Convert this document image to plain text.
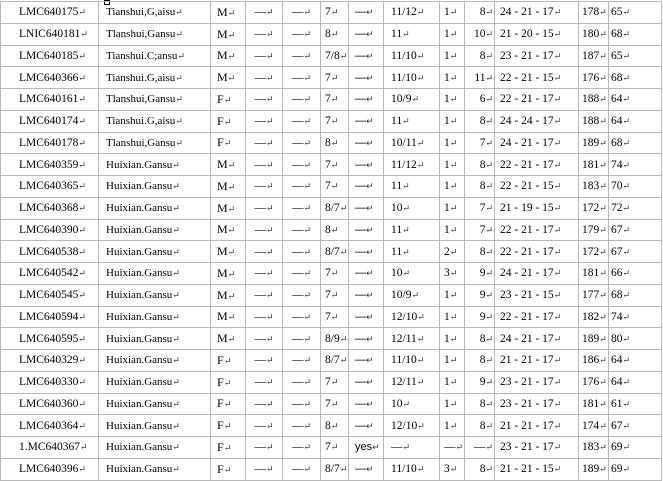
LMC640175↵	Tianshui,G,aisu↵	M↵	—↵	—↵	7↵	—↵	11/12↵	1↵	8↵	24 - 21 - 17↵	178↵	65↵
LNIC640181↵	Tlanshui,Gansu↵	M↵	—↵	—↵	8↵	—↵	11↵	1↵	10↵	21 - 20 - 15↵	180↵	68↵
LMC640185↵	Tianshui.C;ansu↵	M↵	—↵	—↵	7/8↵	—↵	11/10↵	1↵	8↵	23 - 21 - 17↵	187↵	65↵
LMC640366↵	Tianshui.G,aisu↵	M↵	—↵	—↵	7↵	—↵	11/10↵	1↵	11↵	22 - 21 - 15↵	176↵	68↵
LMC640161↵	Tlanshui,Gansu↵	F↵	—↵	—↵	7↵	—↵	10/9↵	1↵	6↵	22 - 21 - 17↵	188↵	64↵
LMC640174↵	Tianshui.G,aisu↵	F↵	—↵	—↵	7↵	—↵	11↵	1↵	8↵	24 - 24 - 17↵	188↵	64↵
LMC640178↵	Tlanshui,Gansu↵	F↵	—↵	—↵	8↵	—↵	10/11↵	1↵	7↵	24 - 21 - 17↵	189↵	68↵
LMC640359↵	Huixian.Gansu↵	M↵	—↵	—↵	7↵	—↵	11/12↵	1↵	8↵	22 - 21 - 17↵	181↵	74↵
LMC640365↵	Huixian.Gansu↵	M↵	—↵	—↵	7↵	—↵	11↵	1↵	8↵	22 - 21 - 15↵	183↵	70↵
LMC640368↵	Huixian.Gansu↵	M↵	—↵	—↵	8/7↵	—↵	10↵	1↵	7↵	21 - 19 - 15↵	172↵	72↵
LMC640390↵	Huixian.Gansu↵	M↵	—↵	—↵	8↵	—↵	11↵	1↵	7↵	22 - 21 - 17↵	179↵	67↵
LMC640538↵	Huixian.Gansu↵	M↵	—↵	—↵	8/7↵	—↵	11↵	2↵	8↵	22 - 21 - 17↵	172↵	67↵
LMC640542↵	Huixian.Gansu↵	M↵	—↵	—↵	7↵	—↵	10↵	3↵	9↵	24 - 21 - 17↵	181↵	66↵
LMC640545↵	Huixian.Gansu↵	M↵	—↵	—↵	7↵	—↵	10/9↵	1↵	9↵	23 - 21 - 15↵	177↵	68↵
LMC640594↵	Huixian.Gansu↵	M↵	—↵	—↵	7↵	—↵	12/10↵	1↵	9↵	22 - 21 - 17↵	182↵	74↵
LMC640595↵	Huixian.Gansu↵	M↵	—↵	—↵	8/9↵	—↵	12/11↵	1↵	8↵	24 - 21 - 17↵	189↵	80↵
LMC640329↵	Huixian.Gansu↵	F↵	—↵	—↵	8/7↵	—↵	11/10↵	1↵	8↵	21 - 21 - 17↵	186↵	64↵
LMC640330↵	Huixian.Gansu↵	F↵	—↵	—↵	7↵	—↵	12/11↵	1↵	9↵	23 - 21 - 17↵	176↵	64↵
LMC640360↵	Huixian.Gansu↵	F↵	—↵	—↵	7↵	—↵	10↵	1↵	8↵	23 - 21 - 17↵	181↵	61↵
LMC640364↵	Huixian.Gansu↵	F↵	—↵	—↵	8↵	—↵	12/10↵	1↵	8↵	21 - 21 - 17↵	174↵	67↵
1.MC640367↵	Huixian.Gansu↵	F↵	—↵	—↵	7↵	yes↵	—↵	—↵	—↵	23 - 21 - 17↵	183↵	69↵
LMC640396↵	Huixian.Gansu↵	F↵	—↵	—↵	8/7↵	—↵	11/10↵	3↵	8↵	21 - 21 - 15↵	189↵	69↵
